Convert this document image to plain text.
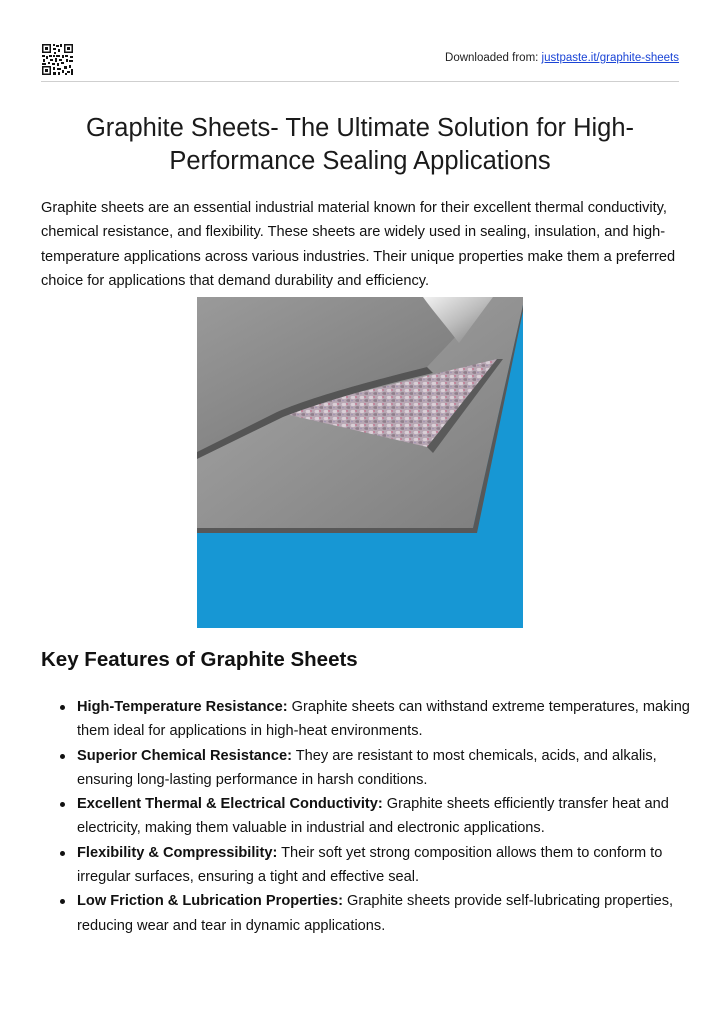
Downloaded from: justpaste.it/graphite-sheets
Graphite Sheets- The Ultimate Solution for High-Performance Sealing Applications

Graphite sheets are an essential industrial material known for their excellent thermal conductivity, chemical resistance, and flexibility. These sheets are widely used in sealing, insulation, and high-temperature applications across various industries. Their unique properties make them a preferred choice for applications that demand durability and efficiency.

Key Features of Graphite Sheets
High-Temperature Resistance: Graphite sheets can withstand extreme temperatures, making them ideal for applications in high-heat environments.
Superior Chemical Resistance: They are resistant to most chemicals, acids, and alkalis, ensuring long-lasting performance in harsh conditions.
Excellent Thermal & Electrical Conductivity: Graphite sheets efficiently transfer heat and electricity, making them valuable in industrial and electronic applications.
Flexibility & Compressibility: Their soft yet strong composition allows them to conform to irregular surfaces, ensuring a tight and effective seal.
Low Friction & Lubrication Properties: Graphite sheets provide self-lubricating properties, reducing wear and tear in dynamic applications.
